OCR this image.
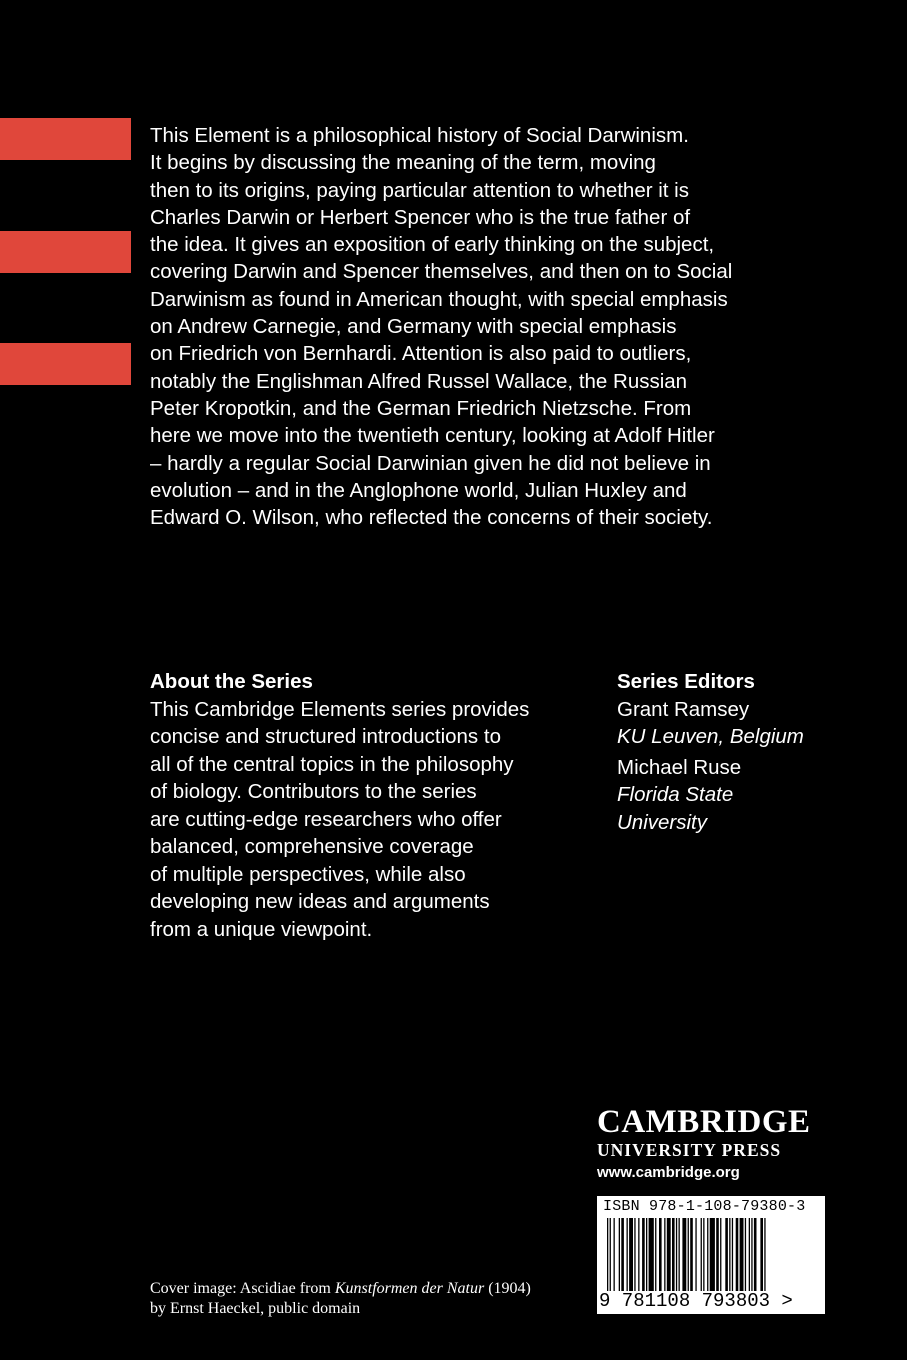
This Element is a philosophical history of Social Darwinism.
It begins by discussing the meaning of the term, moving
then to its origins, paying particular attention to whether it is
Charles Darwin or Herbert Spencer who is the true father of
the idea. It gives an exposition of early thinking on the subject,
covering Darwin and Spencer themselves, and then on to Social
Darwinism as found in American thought, with special emphasis
on Andrew Carnegie, and Germany with special emphasis
on Friedrich von Bernhardi. Attention is also paid to outliers,
notably the Englishman Alfred Russel Wallace, the Russian
Peter Kropotkin, and the German Friedrich Nietzsche. From
here we move into the twentieth century, looking at Adolf Hitler
– hardly a regular Social Darwinian given he did not believe in
evolution – and in the Anglophone world, Julian Huxley and
Edward O. Wilson, who reflected the concerns of their society.

About the Series

This Cambridge Elements series provides
concise and structured introductions to
all of the central topics in the philosophy
of biology. Contributors to the series
are cutting-edge researchers who offer
balanced, comprehensive coverage
of multiple perspectives, while also
developing new ideas and arguments
from a unique viewpoint.

Series Editors

Grant Ramsey
KU Leuven, Belgium
Michael Ruse
Florida State
University
CAMBRIDGE
UNIVERSITY PRESS
www.cambridge.org
ISBN 978-1-108-79380-3
9 781108 793803 >
Cover image: Ascidiae from Kunstformen der Natur (1904)
by Ernst Haeckel, public domain
